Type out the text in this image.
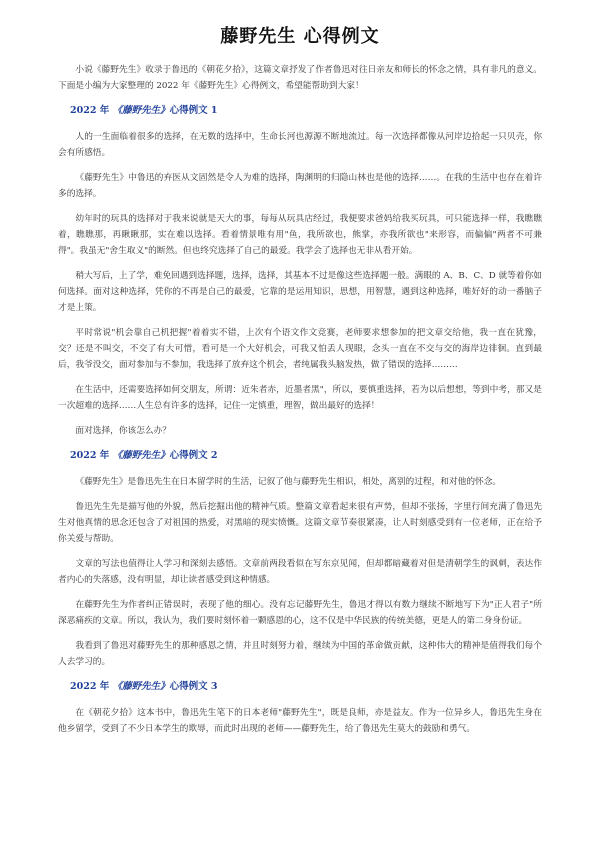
藤野先生 心得例文

小说《藤野先生》收录于鲁迅的《朝花夕拾》，这篇文章抒发了作者鲁迅对往日亲友和师长的怀念之情，具有非凡的意义。下面是小编为大家整理的 2022 年《藤野先生》心得例文，希望能帮助到大家！

2022 年 《藤野先生》心得例文 1

人的一生面临着很多的选择，在无数的选择中，生命长河也源源不断地流过。每一次选择都像从河岸边拾起一只贝壳，你会有所感悟。

《藤野先生》中鲁迅的弃医从文固然是令人为难的选择，陶渊明的归隐山林也是他的选择……。在我的生活中也存在着许多的选择。

幼年时的玩具的选择对于我来说就是天大的事，每每从玩具店经过，我便要求爸妈给我买玩具，可只能选择一样，我瞧瞧着，瞧瞧那，再瞅瞅那，实在难以选择。看着情景唯有用"鱼，我所欲也，熊掌，亦我所欲也"来形容，而偏偏"两者不可兼得"。我虽无"舍生取义"的断然。但也终究选择了自己的最爱。我学会了选择也无非从看开始。

稍大写后，上了学，难免回遇到选择题，选择，选择，其基本不过是像这些选择题一般。满眼的 A、B、C、D 就等着你如何选择。面对这种选择，凭你的不再是自己的最爱，它靠的是运用知识，思想，用智慧，遇到这种选择，唯好好的动一番脑子才是上策。

平时常说"机会靠自己机把握"着着实不错，上次有个语文作文竞赛，老师要求想参加的把文章交给他，我一直在犹豫，交？还是不叫交，不交了有大可惜，看可是一个大好机会，可我又怕丢人现眼，念头一直在不交与交的海岸边徘徊。直到最后，我爷没交，面对参加与不参加，我选择了放弃这个机会，者纯属我头脑发热，做了错误的选择………

在生活中，还需要选择如何交朋友，所谓：近朱者赤，近墨者黑"，所以，要慎重选择，若为以后想想，等到中考，那又是一次超难的选择……人生总有许多的选择，记住一定慎重，理智，做出最好的选择！

面对选择，你该怎么办？

2022 年 《藤野先生》心得例文 2

《藤野先生》是鲁迅先生在日本留学时的生活，记叙了他与藤野先生相识，相处，离别的过程，和对他的怀念。

鲁迅先生先是描写他的外貌，然后挖掘出他的精神气质。整篇文章看起来很有声势，但却不张扬，字里行间充满了鲁迅先生对他真情的思念还包含了对祖国的热爱，对黑暗的现实愤慨。这篇文章节奏很紧凑，让人时刻感受到有一位老师，正在给予你关爱与帮助。

文章的写法也值得让人学习和深刻去感悟。文章前两段看似在写东京见闻，但却都暗藏着对但是清朝学生的讽刺，表达作者内心的失落感，没有明显，却让读者感受到这种情感。

在藤野先生为作者纠正错误时，表现了他的细心。没有忘记藤野先生，鲁迅才得以有数力继续不断地写下为"正人君子"所深恶痛疾的文章。所以，我认为，我们要时刻怀着一颗感恩的心，这不仅是中华民族的传统美德，更是人的第二身身份证。

我看到了鲁迅对藤野先生的那种感恩之情，并且时刻努力着，继续为中国的革命做贡献，这种伟大的精神是值得我们每个人去学习的。

2022 年 《藤野先生》心得例文 3

在《朝花夕拾》这本书中，鲁迅先生笔下的日本老师"藤野先生"，既是良师，亦是益友。作为一位异乡人，鲁迅先生身在他乡留学，受到了不少日本学生的欺辱，而此时出现的老师——藤野先生，给了鲁迅先生莫大的鼓励和勇气。
